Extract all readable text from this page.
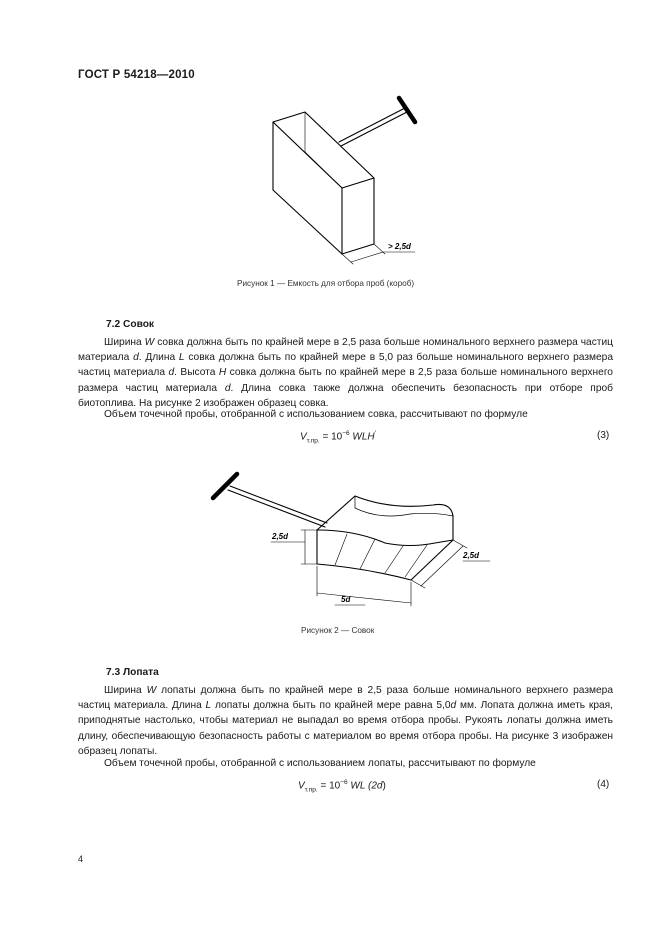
ГОСТ Р 54218—2010
> 2,5d
Рисунок 1 — Емкость для отбора проб (короб)
7.2 Совок
Ширина W совка должна быть по крайней мере в 2,5 раза больше номинального верхнего размера частиц материала d. Длина L совка должна быть по крайней мере в 5,0 раз больше номинального верхнего размера частиц материала d. Высота H совка должна быть по крайней мере в 2,5 раза больше номинального верхнего размера частиц материала d. Длина совка также должна обеспечить безопасность при отборе проб биотоплива. На рисунке 2 изображен образец совка.
Объем точечной пробы, отобранной с использованием совка, рассчитывают по формуле
$V_{т.пр.} = 10^{-6}$ WLH′	(3)
2,5d
2,5d
5d
Рисунок 2 — Совок
7.3 Лопата
Ширина W лопаты должна быть по крайней мере в 2,5 раза больше номинального верхнего размера частиц материала. Длина L лопаты должна быть по крайней мере равна 5,0d мм. Лопата должна иметь края, приподнятые настолько, чтобы материал не выпадал во время отбора пробы. Рукоять лопаты должна иметь длину, обеспечивающую безопасность работы с материалом во время отбора пробы. На рисунке 3 изображен образец лопаты.
Объем точечной пробы, отобранной с использованием лопаты, рассчитывают по формуле
$V_{т.пр.} = 10^{-6}$ WL (2d)	(4)
4
